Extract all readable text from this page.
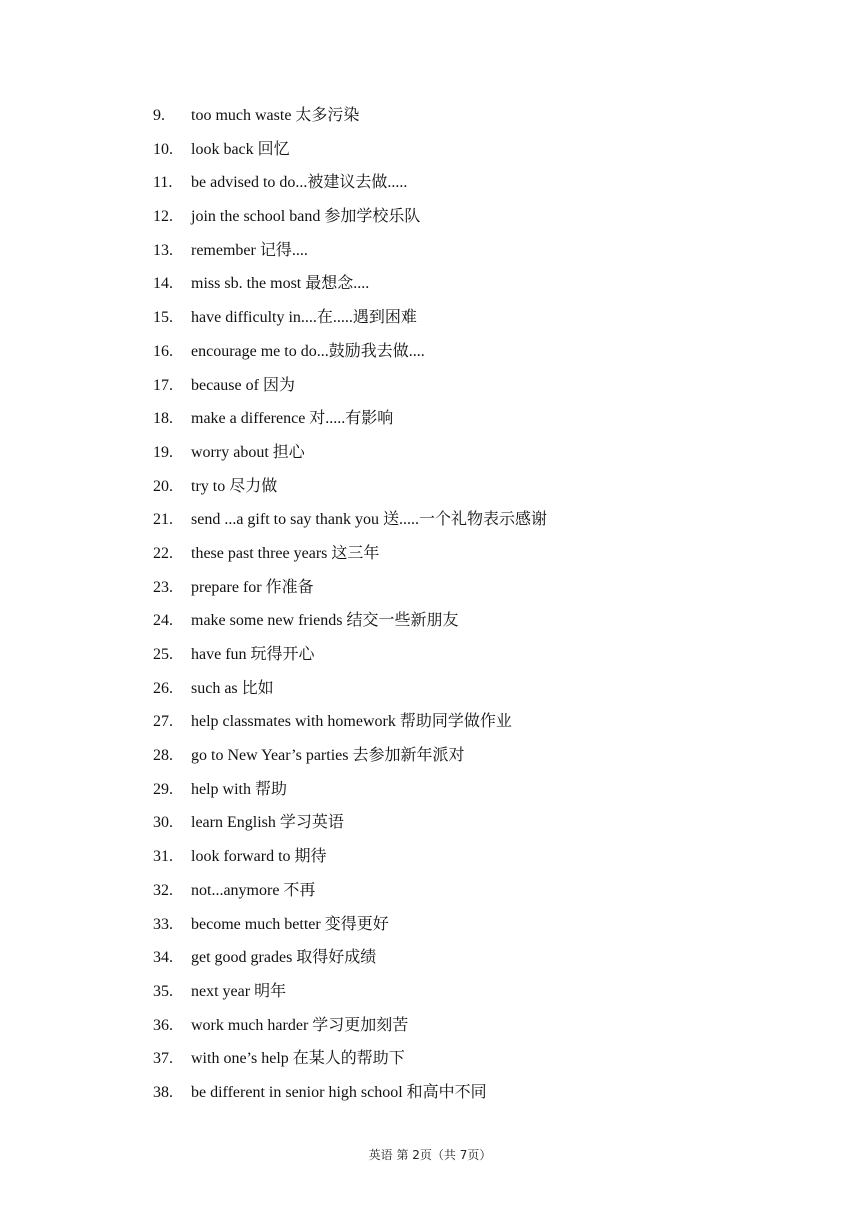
9. too much waste 太多污染
10. look back 回忆
11. be advised to do...被建议去做.....
12. join the school band 参加学校乐队
13. remember 记得....
14. miss sb. the most 最想念....
15. have difficulty in....在.....遇到困难
16. encourage me to do...鼓励我去做....
17. because of 因为
18. make a difference 对.....有影响
19. worry about 担心
20. try to 尽力做
21. send ...a gift to say thank you 送.....一个礼物表示感谢
22. these past three years 这三年
23. prepare for 作准备
24. make some new friends 结交一些新朋友
25. have fun 玩得开心
26. such as 比如
27. help classmates with homework 帮助同学做作业
28. go to New Year’s parties 去参加新年派对
29. help with 帮助
30. learn English 学习英语
31. look forward to 期待
32. not...anymore 不再
33. become much better 变得更好
34. get good grades 取得好成绩
35. next year 明年
36. work much harder 学习更加刻苦
37. with one’s help 在某人的帮助下
38. be different in senior high school 和高中不同
英语 第 2页（共 7页）
